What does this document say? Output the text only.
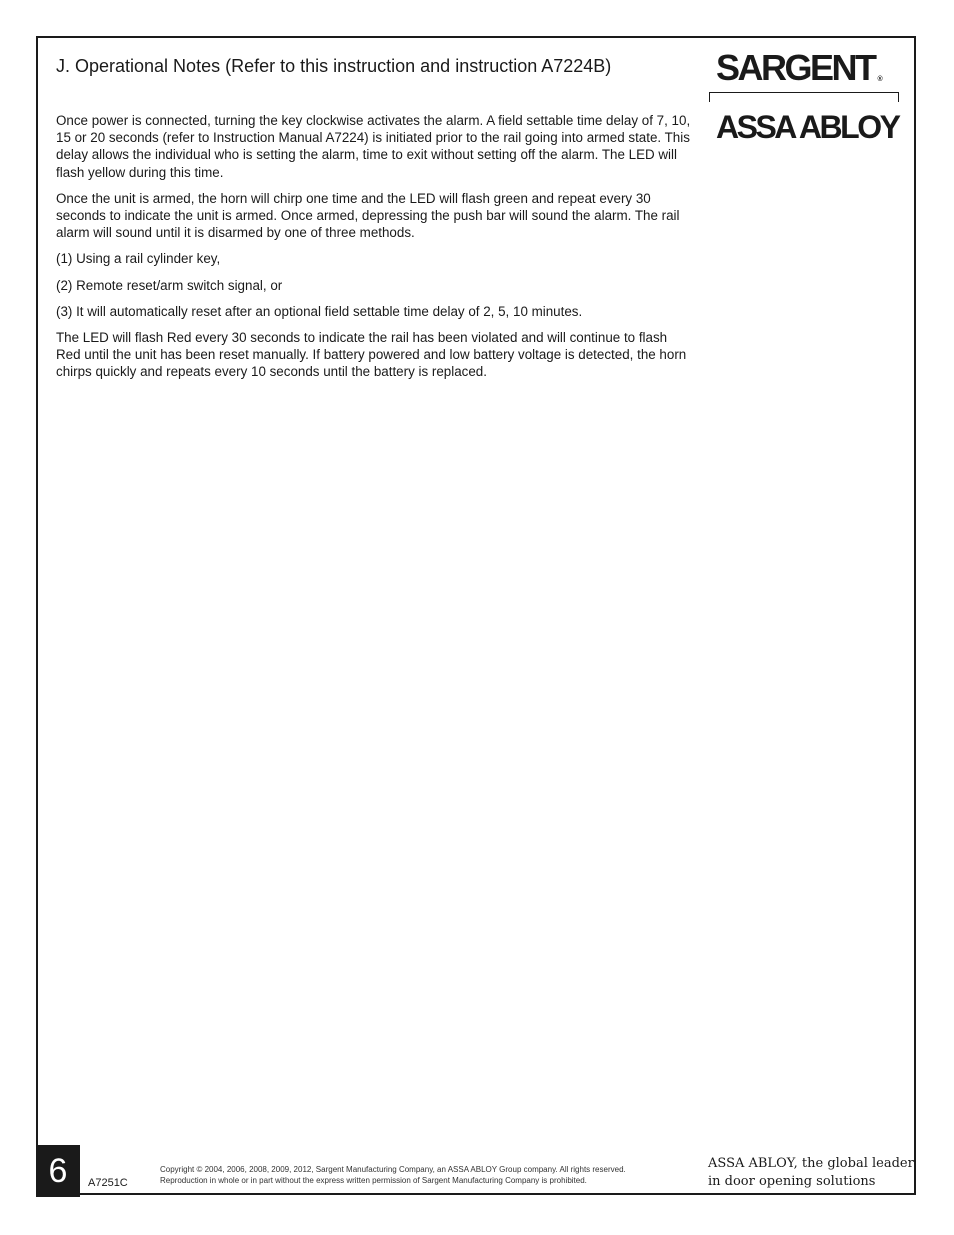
J. Operational Notes (Refer to this instruction and instruction A7224B)	SARGENT ®
ASSA ABLOY

Once power is connected, turning the key clockwise activates the alarm. A field settable time delay of 7, 10, 15 or 20 seconds (refer to Instruction Manual A7224) is initiated prior to the rail going into armed state. This delay allows the individual who is setting the alarm, time to exit without setting off the alarm. The LED will flash yellow during this time.

Once the unit is armed, the horn will chirp one time and the LED will flash green and repeat every 30 seconds to indicate the unit is armed. Once armed, depressing the push bar will sound the alarm. The rail alarm will sound until it is disarmed by one of three methods.

(1) Using a rail cylinder key,

(2) Remote reset/arm switch signal, or

(3) It will automatically reset after an optional field settable time delay of 2, 5, 10 minutes.

The LED will flash Red every 30 seconds to indicate the rail has been violated and will continue to flash Red until the unit has been reset manually. If battery powered and low battery voltage is detected, the horn chirps quickly and repeats every 10 seconds until the battery is replaced.

6	A7251C
Copyright © 2004, 2006, 2008, 2009, 2012, Sargent Manufacturing Company, an ASSA ABLOY Group company. All rights reserved.
Reproduction in whole or in part without the express written permission of Sargent Manufacturing Company is prohibited.
ASSA ABLOY, the global leader
in door opening solutions
